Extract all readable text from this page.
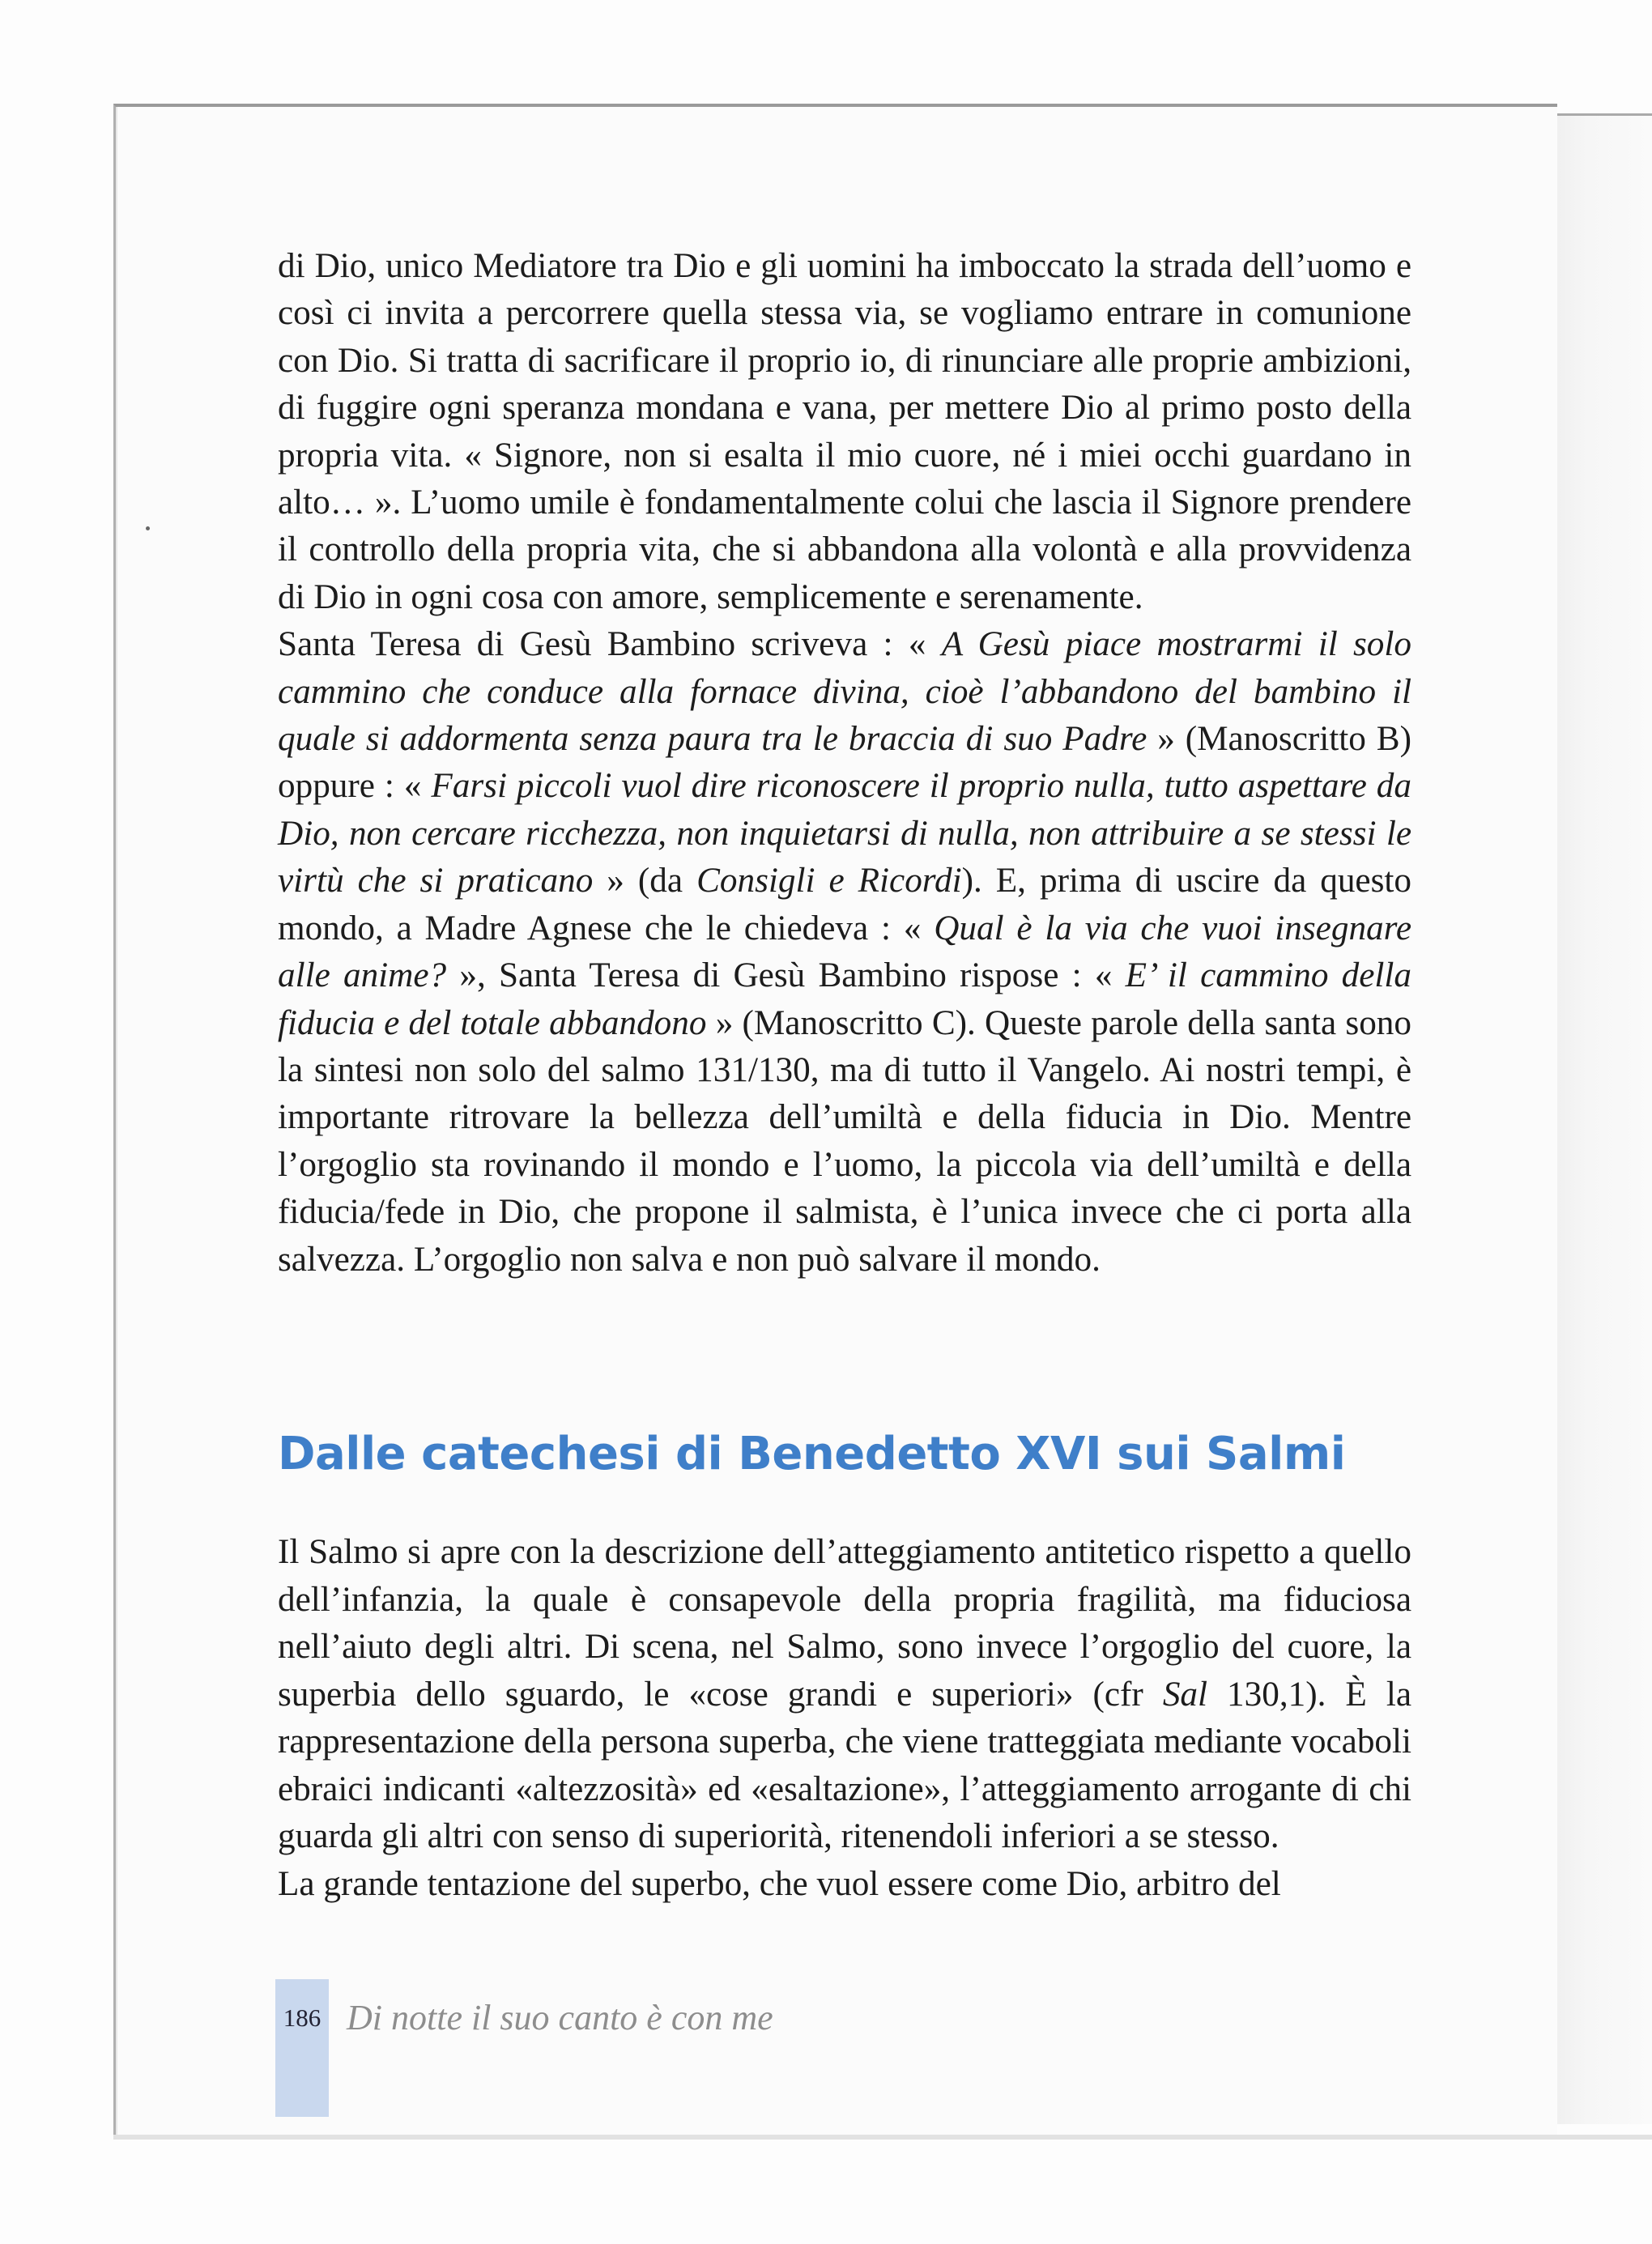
di Dio, unico Mediatore tra Dio e gli uomini ha imboccato la strada dell’uomo e così ci invita a percorrere quella stessa via, se vogliamo entrare in comunione con Dio. Si tratta di sacrificare il proprio io, di rinunciare alle proprie ambizioni, di fuggire ogni speranza mondana e vana, per mettere Dio al primo posto della propria vita. « Signore, non si esalta il mio cuore, né i miei occhi guardano in alto… ». L’uomo umile è fondamentalmente colui che lascia il Signore prendere il controllo della propria vita, che si abbandona alla volontà e alla provvidenza di Dio in ogni cosa con amore, semplicemente e serenamente.

Santa Teresa di Gesù Bambino scriveva : « A Gesù piace mostrarmi il solo cammino che conduce alla fornace divina, cioè l’abbandono del bambino il quale si addormenta senza paura tra le braccia di suo Padre » (Manoscritto B) oppure : « Farsi piccoli vuol dire riconoscere il proprio nulla, tutto aspettare da Dio, non cercare ricchezza, non inquietarsi di nulla, non attribuire a se stessi le virtù che si praticano » (da Consigli e Ricordi). E, prima di uscire da questo mondo, a Madre Agnese che le chiedeva : « Qual è la via che vuoi insegnare alle anime? », Santa Teresa di Gesù Bambino rispose : « E’ il cammino della fiducia e del totale abbandono » (Manoscritto C). Queste parole della santa sono la sintesi non solo del salmo 131/130, ma di tutto il Vangelo. Ai nostri tempi, è importante ritrovare la bellezza dell’umiltà e della fiducia in Dio. Mentre l’orgoglio sta rovinando il mondo e l’uomo, la piccola via dell’umiltà e della fiducia/fede in Dio, che propone il salmista, è l’unica invece che ci porta alla salvezza. L’orgoglio non salva e non può salvare il mondo.

Dalle catechesi di Benedetto XVI sui Salmi

Il Salmo si apre con la descrizione dell’atteggiamento antitetico rispetto a quello dell’infanzia, la quale è consapevole della propria fragilità, ma fiduciosa nell’aiuto degli altri. Di scena, nel Salmo, sono invece l’orgoglio del cuore, la superbia dello sguardo, le «cose grandi e superiori» (cfr Sal 130,1). È la rappresentazione della persona superba, che viene tratteggiata mediante vocaboli ebraici indicanti «altezzosità» ed «esaltazione», l’atteggiamento arrogante di chi guarda gli altri con senso di superiorità, ritenendoli inferiori a se stesso.

La grande tentazione del superbo, che vuol essere come Dio, arbitro del

186 Di notte il suo canto è con me
